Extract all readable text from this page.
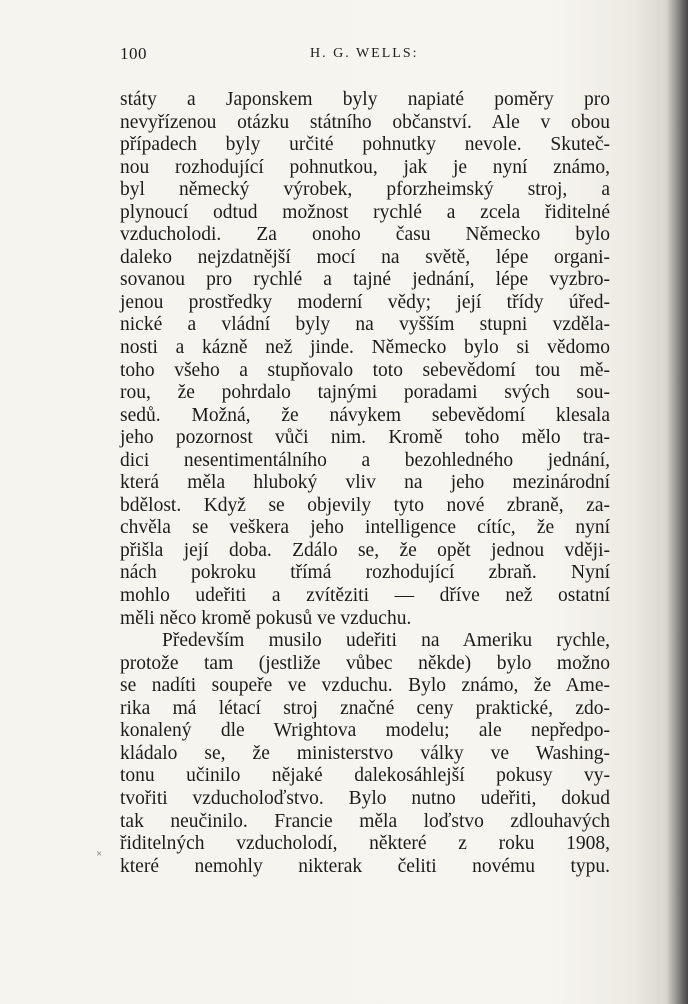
100	H. G. WELLS:
státy a Japonskem byly napiaté poměry pro
nevyřízenou otázku státního občanství. Ale v obou
případech byly určité pohnutky nevole. Skuteč-
nou rozhodující pohnutkou, jak je nyní známo,
byl německý výrobek, pforzheimský stroj, a
plynoucí odtud možnost rychlé a zcela řiditelné
vzducholodi. Za onoho času Německo bylo
daleko nejzdatnější mocí na světě, lépe organi-
sovanou pro rychlé a tajné jednání, lépe vyzbro-
jenou prostředky moderní vědy; její třídy úřed-
nické a vládní byly na vyšším stupni vzděla-
nosti a kázně než jinde. Německo bylo si vědomo
toho všeho a stupňovalo toto sebevědomí tou mě-
rou, že pohrdalo tajnými poradami svých sou-
sedů. Možná, že návykem sebevědomí klesala
jeho pozornost vůči nim. Kromě toho mělo tra-
dici nesentimentálního a bezohledného jednání,
která měla hluboký vliv na jeho mezinárodní
bdělost. Když se objevily tyto nové zbraně, za-
chvěla se veškera jeho intelligence cítíc, že nyní
přišla její doba. Zdálo se, že opět jednou vději-
nách pokroku třímá rozhodující zbraň. Nyní
mohlo udeřiti a zvítěziti — dříve než ostatní
měli něco kromě pokusů ve vzduchu.
Především musilo udeřiti na Ameriku rychle,
protože tam (jestliže vůbec někde) bylo možno
se nadíti soupeře ve vzduchu. Bylo známo, že Ame-
rika má létací stroj značné ceny praktické, zdo-
konalený dle Wrightova modelu; ale nepředpo-
kládalo se, že ministerstvo války ve Washing-
tonu učinilo nějaké dalekosáhlejší pokusy vy-
tvořiti vzducholoďstvo. Bylo nutno udeřiti, dokud
tak neučinilo. Francie měla loďstvo zdlouhavých
řiditelných vzducholodí, některé z roku 1908,
které nemohly nikterak čeliti novému typu.
×
